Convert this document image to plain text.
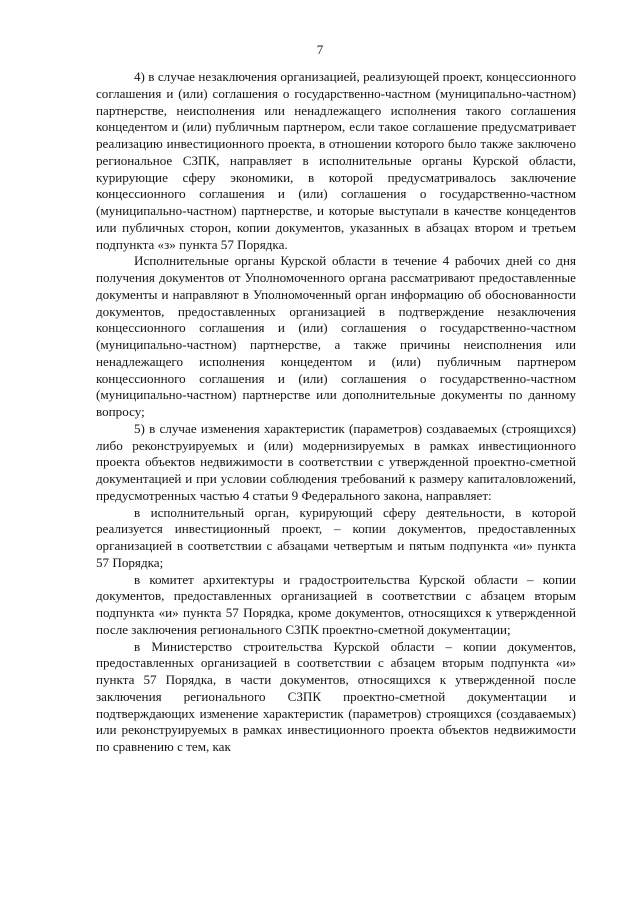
7

4) в случае незаключения организацией, реализующей проект, концессионного соглашения и (или) соглашения о государственно-частном (муниципально-частном) партнерстве, неисполнения или ненадлежащего исполнения такого соглашения концедентом и (или) публичным партнером, если такое соглашение предусматривает реализацию инвестиционного проекта, в отношении которого было также заключено региональное СЗПК, направляет в исполнительные органы Курской области, курирующие сферу экономики, в которой предусматривалось заключение концессионного соглашения и (или) соглашения о государственно-частном (муниципально-частном) партнерстве, и которые выступали в качестве концедентов или публичных сторон, копии документов, указанных в абзацах втором и третьем подпункта «з» пункта 57 Порядка.

Исполнительные органы Курской области в течение 4 рабочих дней со дня получения документов от Уполномоченного органа рассматривают предоставленные документы и направляют в Уполномоченный орган информацию об обоснованности документов, предоставленных организацией в подтверждение незаключения концессионного соглашения и (или) соглашения о государственно-частном (муниципально-частном) партнерстве, а также причины неисполнения или ненадлежащего исполнения концедентом и (или) публичным партнером концессионного соглашения и (или) соглашения о государственно-частном (муниципально-частном) партнерстве или дополнительные документы по данному вопросу;

5) в случае изменения характеристик (параметров) создаваемых (строящихся) либо реконструируемых и (или) модернизируемых в рамках инвестиционного проекта объектов недвижимости в соответствии с утвержденной проектно-сметной документацией и при условии соблюдения требований к размеру капиталовложений, предусмотренных частью 4 статьи 9 Федерального закона, направляет:

в исполнительный орган, курирующий сферу деятельности, в которой реализуется инвестиционный проект, – копии документов, предоставленных организацией в соответствии с абзацами четвертым и пятым подпункта «и» пункта 57 Порядка;

в комитет архитектуры и градостроительства Курской области – копии документов, предоставленных организацией в соответствии с абзацем вторым подпункта «и» пункта 57 Порядка, кроме документов, относящихся к утвержденной после заключения регионального СЗПК проектно-сметной документации;

в Министерство строительства Курской области – копии документов, предоставленных организацией в соответствии с абзацем вторым подпункта «и» пункта 57 Порядка, в части документов, относящихся к утвержденной после заключения регионального СЗПК проектно-сметной документации и подтверждающих изменение характеристик (параметров) строящихся (создаваемых) или реконструируемых в рамках инвестиционного проекта объектов недвижимости по сравнению с тем, как
